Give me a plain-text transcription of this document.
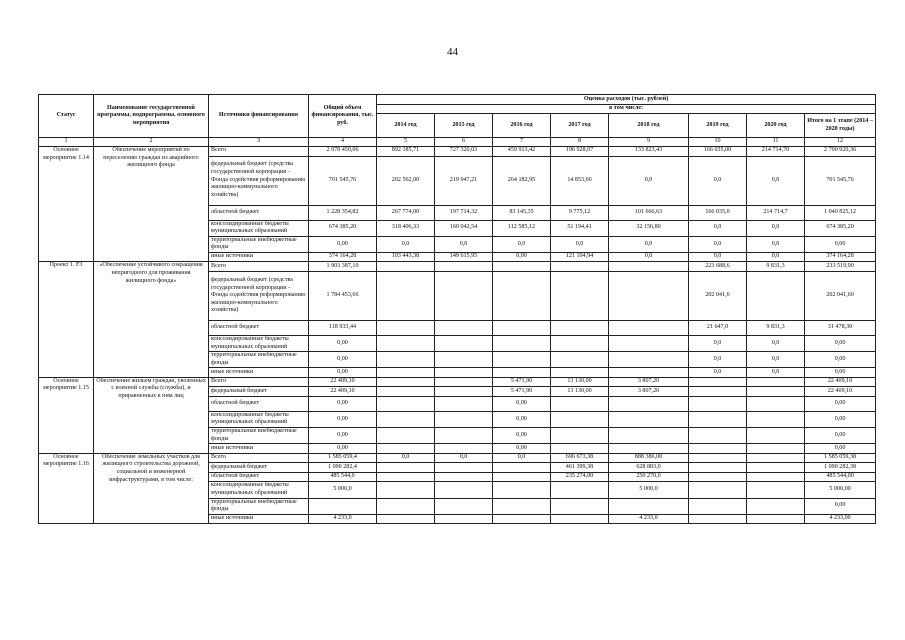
44
Статус	Наименование государственной программы, подпрограммы, основного мероприятия	Источники финансирования	Общий объем финансирования, тыс. руб.	Оценка расходов (тыс. рублей)							
				в том числе:							
				2014 год	2015 год	2016 год	2017 год	2018 год	2019 год	2020 год	Итого на 1 этапе (2014 – 2020 годы)
1	2	3	4	5	6	7	8	9	10	11	12
Основное мероприятие 1.14	Обеспечение мероприятий по переселению граждан из аварийного жилищного фонда	Всего	2 978 450,06	892 185,71	727 320,03	459 913,42	196 928,07	133 823,43	166 035,00	214 714,70	2 790 920,36
		федеральный бюджет (средства государственной корпорации - Фонда содействия реформированию жилищно-коммунального хозяйства)	701 545,76	202 562,00	219 947,21	264 182,95	14 853,60	0,0	0,0	0,0	701 545,76
		областной бюджет	1 228 354,82	267 774,00	197 714,32	83 145,35	9 775,12	101 666,63	166 035,0	214 714,7	1 040 825,12
		консолидированные бюджеты муниципальных образований	674 385,20	318 406,33	160 042,54	112 585,12	51 194,41	32 156,80	0,0	0,0	674 385,20
		территориальные внебюджетные фонды	0,00	0,0	0,0	0,0	0,0	0,0	0,0	0,0	0,00
		иные источники	374 164,28	103 443,38	149 615,95	0,00	121 104,94	0,0	0,0	0,0	374 164,28
Проект 1. F3	«Обеспечение устойчивого сокращения непригодного для проживания жилищного фонда»	Всего	1 903 387,10						223 688,6	9 831,3	233 519,90
		федеральный бюджет (средства государственной корпорации - Фонда содействия реформированию жилищно-коммунального хозяйства)	1 784 453,66						202 041,6		202 041,60
		областной бюджет	118 933,44						21 647,0	9 831,3	31 478,30
		консолидированные бюджеты муниципальных образований	0,00						0,0	0,0	0,00
		территориальные внебюджетные фонды	0,00						0,0	0,0	0,00
		иные источники	0,00						0,0	0,0	0,00
Основное мероприятие 1.15	Обеспечение жильем граждан, уволенных с военной службы (службы), и приравненных к ним лиц	Всего	22 409,10			5 471,90	13 130,00	3 807,20			22 409,10
		федеральный бюджет	22 409,10			5 471,90	13 130,00	3 807,20			22 409,10
		областной бюджет	0,00			0,00					0,00
		консолидированные бюджеты муниципальных образований	0,00			0,00					0,00
		территориальные внебюджетные фонды	0,00			0,00					0,00
		иные источники	0,00			0,00					0,00
Основное мероприятие 1.16	Обеспечение земельных участков для жилищного строительства дорожной, социальной и инженерной инфраструктурами, в том числе:	Всего	1 585 059,4	0,0	0,0	0,0	696 673,38	888 386,00			1 585 059,38
		федеральный бюджет	1 090 282,4				461 399,38	628 883,0			1 090 282,38
		областной бюджет	485 544,0				235 274,00	250 270,0			485 544,00
		консолидированные бюджеты муниципальных образований	5 000,0					5 000,0			5 000,00
		территориальные внебюджетные фонды									0,00
		иные источники	4 233,0					4 233,0			4 233,00
